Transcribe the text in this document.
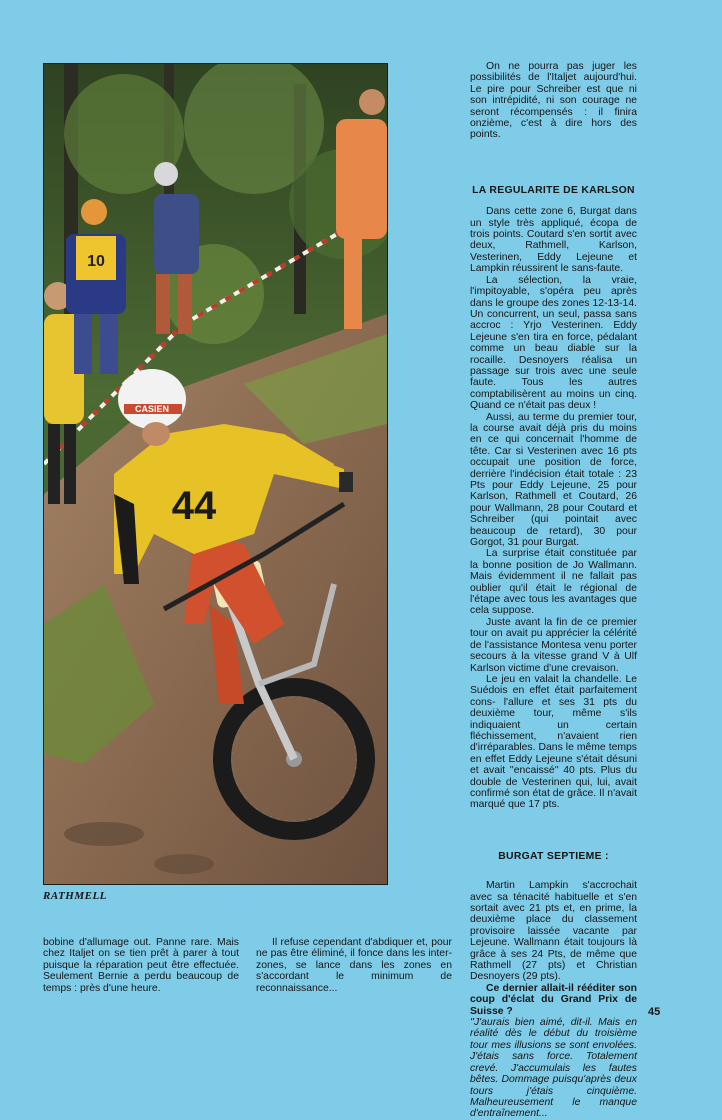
10
44
CASIEN
RATHMELL

On ne pourra pas juger les possibilités de l'Italjet aujourd'hui. Le pire pour Schreiber est que ni son intrépidité, ni son courage ne seront récompensés : il finira onzième, c'est à dire hors des points.

LA REGULARITE DE KARLSON

Dans cette zone 6, Burgat dans un style très appliqué, écopa de trois points. Coutard s'en sortit avec deux, Rathmell, Karlson, Vesterinen, Eddy Lejeune et Lampkin réussirent le sans-faute.

La sélection, la vraie, l'impitoyable, s'opéra peu après dans le groupe des zones 12-13-14. Un concurrent, un seul, passa sans accroc : Yrjo Vesterinen. Eddy Lejeune s'en tira en force, pédalant comme un beau diable sur la rocaille. Desnoyers réalisa un passage sur trois avec une seule faute. Tous les autres comptabilisèrent au moins un cinq. Quand ce n'était pas deux !

Aussi, au terme du premier tour, la course avait déjà pris du moins en ce qui concernait l'homme de tête. Car si Vesterinen avec 16 pts occupait une position de force, derrière l'indécision était totale : 23 Pts pour Eddy Lejeune, 25 pour Karlson, Rathmell et Coutard, 26 pour Wallmann, 28 pour Coutard et Schreiber (qui pointait avec beaucoup de retard), 30 pour Gorgot, 31 pour Burgat.

La surprise était constituée par la bonne position de Jo Wallmann. Mais évidemment il ne fallait pas oublier qu'il était le régional de l'étape avec tous les avantages que cela suppose.

Juste avant la fin de ce premier tour on avait pu apprécier la célérité de l'assistance Montesa venu porter secours à la vitesse grand V à Ulf Karlson victime d'une crevaison.

Le jeu en valait la chandelle. Le Suédois en effet était parfaitement cons- l'allure et ses 31 pts du deuxième tour, même s'ils indiquaient un certain fléchissement, n'avaient rien d'irréparables. Dans le même temps en effet Eddy Lejeune s'était désuni et avait ''encaissé'' 40 pts. Plus du double de Vesterinen qui, lui, avait confirmé son état de grâce. Il n'avait marqué que 17 pts.

BURGAT SEPTIEME :

Martin Lampkin s'accrochait avec sa ténacité habituelle et s'en sortait avec 21 pts et, en prime, la deuxième place du classement provisoire laissée vacante par Lejeune. Wallmann était toujours là grâce à ses 24 Pts, de même que Rathmell (27 pts) et Christian Desnoyers (29 pts).

Ce dernier allait-il rééditer son coup d'éclat du Grand Prix de Suisse ?

''J'aurais bien aimé, dit-il. Mais en réalité dès le début du troisième tour mes illusions se sont envolées. J'étais sans force. Totalement crevé. J'accumulais les fautes bêtes. Dommage puisqu'après deux tours j'étais cinquième. Malheureusement le manque d'entraînement...

bobine d'allumage out. Panne rare. Mais chez Italjet on se tien prêt à parer à tout puisque la réparation peut être effectuée. Seulement Bernie a perdu beaucoup de temps : près d'une heure.

Il refuse cependant d'abdiquer et, pour ne pas être éliminé, il fonce dans les inter-zones, se lance dans les zones en s'accordant le minimum de reconnaissance...

45
